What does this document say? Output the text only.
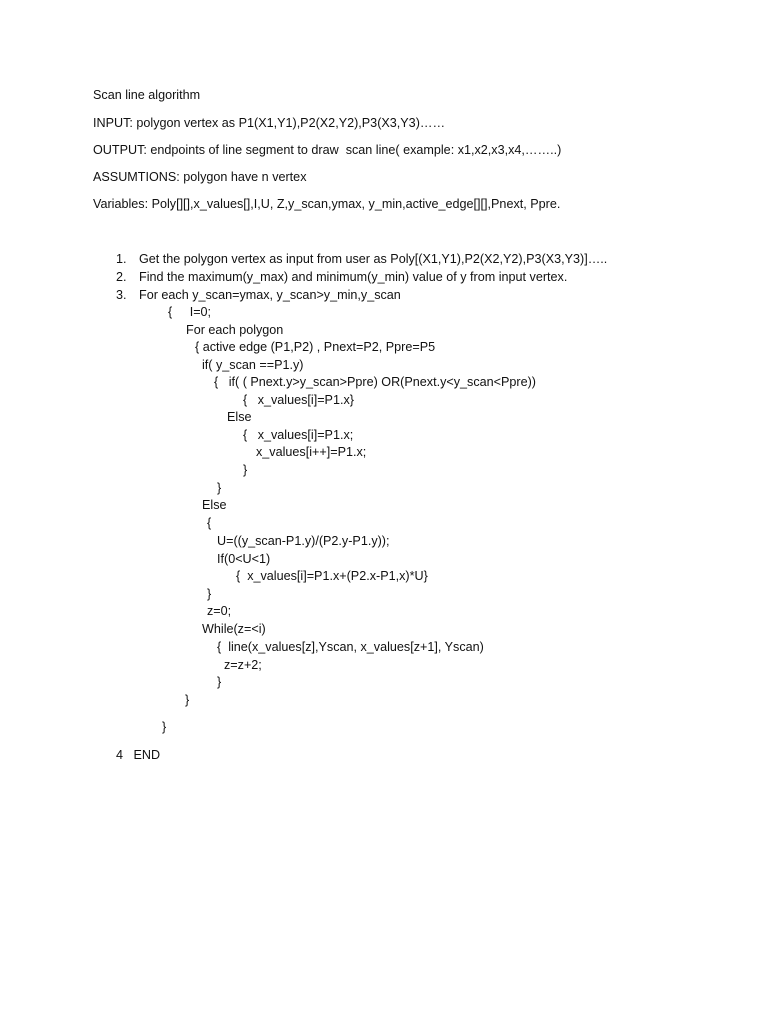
Scan line algorithm
INPUT: polygon vertex as P1(X1,Y1),P2(X2,Y2),P3(X3,Y3)……
OUTPUT: endpoints of line segment to draw  scan line( example: x1,x2,x3,x4,……..)
ASSUMTIONS: polygon have n vertex
Variables: Poly[][],x_values[],I,U, Z,y_scan,ymax, y_min,active_edge[][],Pnext, Ppre.
1. Get the polygon vertex as input from user as Poly[(X1,Y1),P2(X2,Y2),P3(X3,Y3)]…..
2. Find the maximum(y_max) and minimum(y_min) value of y from input vertex.
3. For each y_scan=ymax, y_scan>y_min,y_scan
{     I=0;
For each polygon
{ active edge (P1,P2) , Pnext=P2, Ppre=P5
if( y_scan ==P1.y)
{   if( ( Pnext.y>y_scan>Ppre) OR(Pnext.y<y_scan<Ppre))
{   x_values[i]=P1.x}
Else
{   x_values[i]=P1.x;
x_values[i++]=P1.x;
}
}
Else
{
U=((y_scan-P1.y)/(P2.y-P1.y));
If(0<U<1)
{  x_values[i]=P1.x+(P2.x-P1,x)*U}
}
z=0;
While(z=<i)
{  line(x_values[z],Yscan, x_values[z+1], Yscan)
z=z+2;
}
}
}
4   END
